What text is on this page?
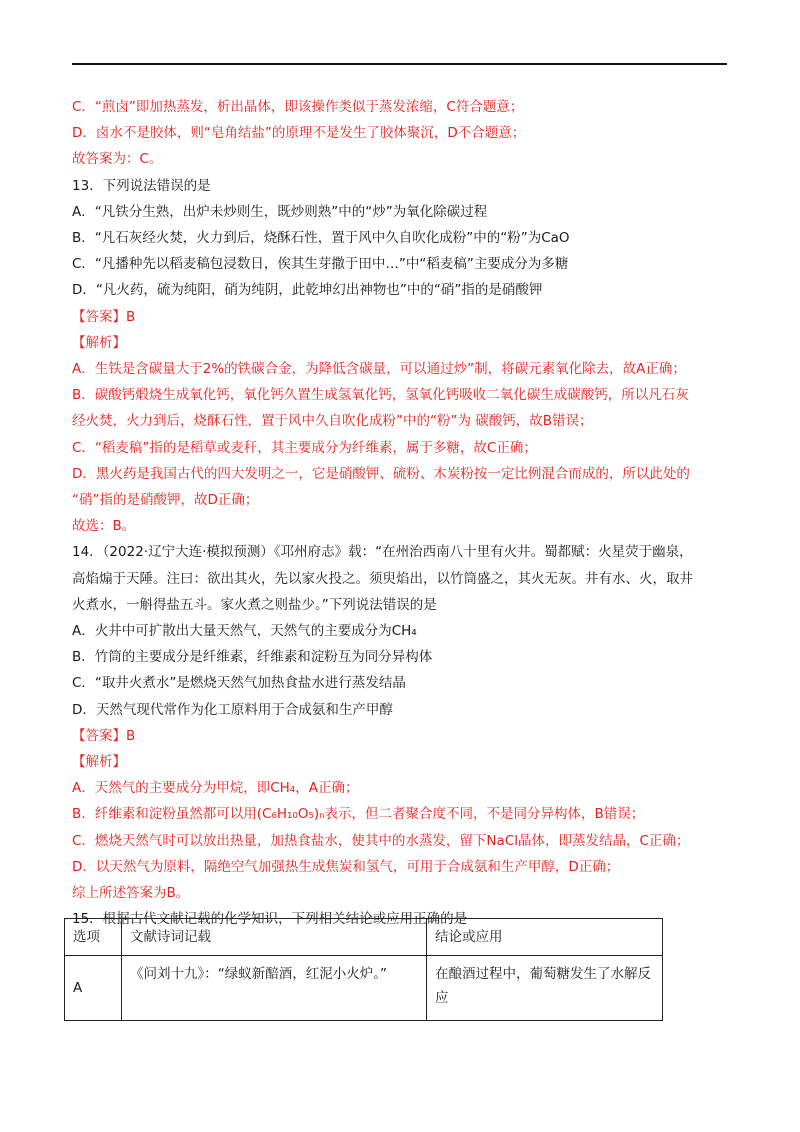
C．“煎卤”即加热蒸发，析出晶体，即该操作类似于蒸发浓缩，C符合题意；
D．卤水不是胶体，则“皂角结盐”的原理不是发生了胶体聚沉，D不合题意；
故答案为：C。
13．下列说法错误的是
A．“凡铁分生熟，出炉未炒则生，既炒则熟”中的“炒”为氧化除碳过程
B．“凡石灰经火焚，火力到后，烧酥石性，置于风中久自吹化成粉”中的“粉”为CaO
C．“凡播种先以稻麦稿包浸数日，俟其生芽撒于田中…”中“稻麦稿”主要成分为多糖
D．“凡火药，硫为纯阳，硝为纯阴，此乾坤幻出神物也”中的“硝”指的是硝酸钾
【答案】B
【解析】
A．生铁是含碳量大于2%的铁碳合金，为降低含碳量，可以通过炒”制，将碳元素氧化除去，故A正确；
B．碳酸钙煅烧生成氧化钙，氧化钙久置生成氢氧化钙，氢氧化钙吸收二氧化碳生成碳酸钙，所以凡石灰
经火焚，火力到后，烧酥石性，置于风中久自吹化成粉”中的“粉”为 碳酸钙，故B错误；
C．“稻麦稿”指的是稻草或麦秆，其主要成分为纤维素，属于多糖，故C正确；
D．黑火药是我国古代的四大发明之一，它是硝酸钾、硫粉、木炭粉按一定比例混合而成的，所以此处的
“硝”指的是硝酸钾，故D正确；
故选：B。
14．（2022·辽宁大连·模拟预测）《邛州府志》载：“在州治西南八十里有火井。蜀都赋：火星荧于幽泉，
高焰煽于天陲。注曰：欲出其火，先以家火投之。须臾焰出，以竹筒盛之，其火无灰。井有水、火，取井
火煮水，一斛得盐五斗。家火煮之则盐少。”下列说法错误的是
A．火井中可扩散出大量天然气，天然气的主要成分为CH₄
B．竹筒的主要成分是纤维素，纤维素和淀粉互为同分异构体
C．“取井火煮水”是燃烧天然气加热食盐水进行蒸发结晶
D．天然气现代常作为化工原料用于合成氨和生产甲醇
【答案】B
【解析】
A．天然气的主要成分为甲烷，即CH₄，A正确；
B．纤维素和淀粉虽然都可以用(C₆H₁₀O₅)ₙ表示，但二者聚合度不同，不是同分异构体，B错误；
C．燃烧天然气时可以放出热量，加热食盐水，使其中的水蒸发，留下NaCl晶体，即蒸发结晶，C正确；
D．以天然气为原料，隔绝空气加强热生成焦炭和氢气，可用于合成氨和生产甲醇，D正确；
综上所述答案为B。
15．根据古代文献记载的化学知识，下列相关结论或应用正确的是
选项	文献诗词记载	结论或应用
A	《问刘十九》：“绿蚁新醅酒，红泥小火炉。”	在酿酒过程中，葡萄糖发生了水解反应
